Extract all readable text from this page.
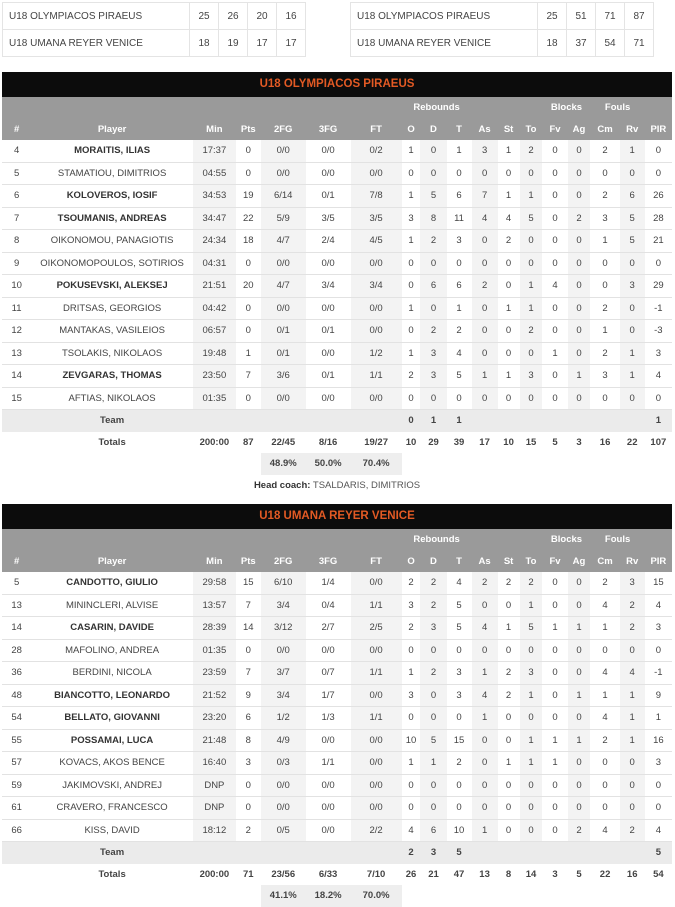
U18 OLYMPIACOS PIRAEUS	25	26	20	16
U18 UMANA REYER VENICE	18	19	17	17
U18 OLYMPIACOS PIRAEUS	25	51	71	87
U18 UMANA REYER VENICE	18	37	54	71
U18 OLYMPIACOS PIRAEUS
							Rebounds						Blocks		Fouls		
#	Player	Min	Pts	2FG	3FG	FT	O	D	T	As	St	To	Fv	Ag	Cm	Rv	PIR
4	MORAITIS, ILIAS	17:37	0	0/0	0/0	0/2	1	0	1	3	1	2	0	0	2	1	0
5	STAMATIOU, DIMITRIOS	04:55	0	0/0	0/0	0/0	0	0	0	0	0	0	0	0	0	0	0
6	KOLOVEROS, IOSIF	34:53	19	6/14	0/1	7/8	1	5	6	7	1	1	0	0	2	6	26
7	TSOUMANIS, ANDREAS	34:47	22	5/9	3/5	3/5	3	8	11	4	4	5	0	2	3	5	28
8	OIKONOMOU, PANAGIOTIS	24:34	18	4/7	2/4	4/5	1	2	3	0	2	0	0	0	1	5	21
9	OIKONOMOPOULOS, SOTIRIOS	04:31	0	0/0	0/0	0/0	0	0	0	0	0	0	0	0	0	0	0
10	POKUSEVSKI, ALEKSEJ	21:51	20	4/7	3/4	3/4	0	6	6	2	0	1	4	0	0	3	29
11	DRITSAS, GEORGIOS	04:42	0	0/0	0/0	0/0	1	0	1	0	1	1	0	0	2	0	-1
12	MANTAKAS, VASILEIOS	06:57	0	0/1	0/1	0/0	0	2	2	0	0	2	0	0	1	0	-3
13	TSOLAKIS, NIKOLAOS	19:48	1	0/1	0/0	1/2	1	3	4	0	0	0	1	0	2	1	3
14	ZEVGARAS, THOMAS	23:50	7	3/6	0/1	1/1	2	3	5	1	1	3	0	1	3	1	4
15	AFTIAS, NIKOLAOS	01:35	0	0/0	0/0	0/0	0	0	0	0	0	0	0	0	0	0	0
	Team						0	1	1								1
	Totals	200:00	87	22/45	8/16	19/27	10	29	39	17	10	15	5	3	16	22	107
				48.9%	50.0%	70.4%											
Head coach: TSALDARIS, DIMITRIOS
U18 UMANA REYER VENICE
							Rebounds						Blocks		Fouls		
#	Player	Min	Pts	2FG	3FG	FT	O	D	T	As	St	To	Fv	Ag	Cm	Rv	PIR
5	CANDOTTO, GIULIO	29:58	15	6/10	1/4	0/0	2	2	4	2	2	2	0	0	2	3	15
13	MININCLERI, ALVISE	13:57	7	3/4	0/4	1/1	3	2	5	0	0	1	0	0	4	2	4
14	CASARIN, DAVIDE	28:39	14	3/12	2/7	2/5	2	3	5	4	1	5	1	1	1	2	3
28	MAFOLINO, ANDREA	01:35	0	0/0	0/0	0/0	0	0	0	0	0	0	0	0	0	0	0
36	BERDINI, NICOLA	23:59	7	3/7	0/7	1/1	1	2	3	1	2	3	0	0	4	4	-1
48	BIANCOTTO, LEONARDO	21:52	9	3/4	1/7	0/0	3	0	3	4	2	1	0	1	1	1	9
54	BELLATO, GIOVANNI	23:20	6	1/2	1/3	1/1	0	0	0	1	0	0	0	0	4	1	1
55	POSSAMAI, LUCA	21:48	8	4/9	0/0	0/0	10	5	15	0	0	1	1	1	2	1	16
57	KOVACS, AKOS BENCE	16:40	3	0/3	1/1	0/0	1	1	2	0	1	1	1	0	0	0	3
59	JAKIMOVSKI, ANDREJ	DNP	0	0/0	0/0	0/0	0	0	0	0	0	0	0	0	0	0	0
61	CRAVERO, FRANCESCO	DNP	0	0/0	0/0	0/0	0	0	0	0	0	0	0	0	0	0	0
66	KISS, DAVID	18:12	2	0/5	0/0	2/2	4	6	10	1	0	0	0	2	4	2	4
	Team						2	3	5								5
	Totals	200:00	71	23/56	6/33	7/10	26	21	47	13	8	14	3	5	22	16	54
				41.1%	18.2%	70.0%											
